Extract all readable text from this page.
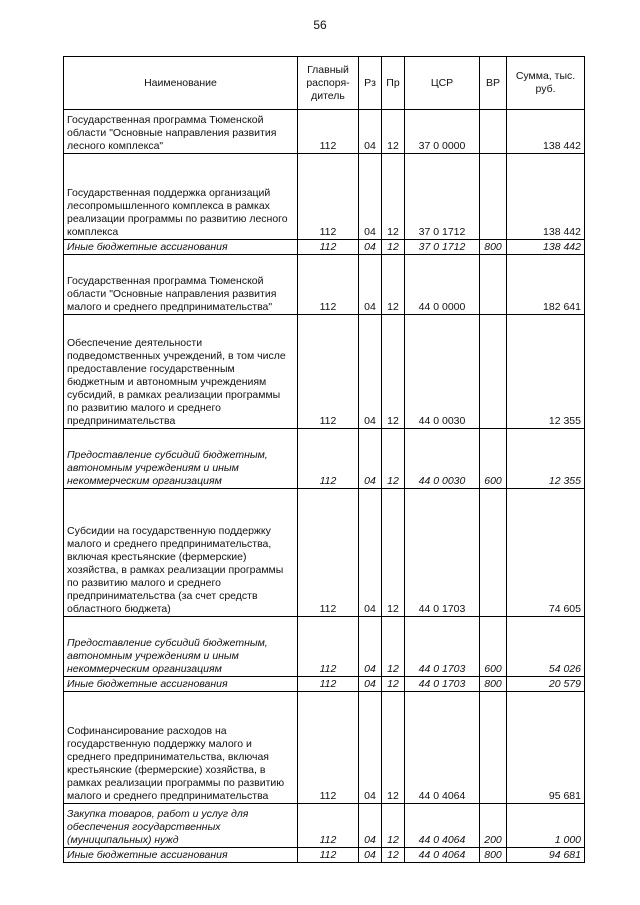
56
Наименование	Главный распоря-дитель	Рз	Пр	ЦСР	ВР	Сумма, тыс. руб.
Государственная программа Тюменской области "Основные направления развития лесного комплекса"	112	04	12	37 0 0000		138 442
Государственная поддержка организаций лесопромышленного комплекса в рамках реализации программы по развитию лесного комплекса	112	04	12	37 0 1712		138 442
Иные бюджетные ассигнования	112	04	12	37 0 1712	800	138 442
Государственная программа Тюменской области "Основные направления развития малого и среднего предпринимательства"	112	04	12	44 0 0000		182 641
Обеспечение деятельности подведомственных учреждений, в том числе предоставление государственным бюджетным и автономным учреждениям субсидий, в рамках реализации программы по развитию малого и среднего предпринимательства	112	04	12	44 0 0030		12 355
Предоставление субсидий бюджетным, автономным учреждениям и иным некоммерческим организациям	112	04	12	44 0 0030	600	12 355
Субсидии на государственную поддержку малого и среднего предпринимательства, включая крестьянские (фермерские) хозяйства, в рамках реализации программы по развитию малого и среднего предпринимательства (за счет средств областного бюджета)	112	04	12	44 0 1703		74 605
Предоставление субсидий бюджетным, автономным учреждениям и иным некоммерческим организациям	112	04	12	44 0 1703	600	54 026
Иные бюджетные ассигнования	112	04	12	44 0 1703	800	20 579
Софинансирование расходов на государственную поддержку малого и среднего предпринимательства, включая крестьянские (фермерские) хозяйства, в рамках реализации программы по развитию малого и среднего предпринимательства	112	04	12	44 0 4064		95 681
Закупка товаров, работ и услуг для обеспечения государственных (муниципальных) нужд	112	04	12	44 0 4064	200	1 000
Иные бюджетные ассигнования	112	04	12	44 0 4064	800	94 681
